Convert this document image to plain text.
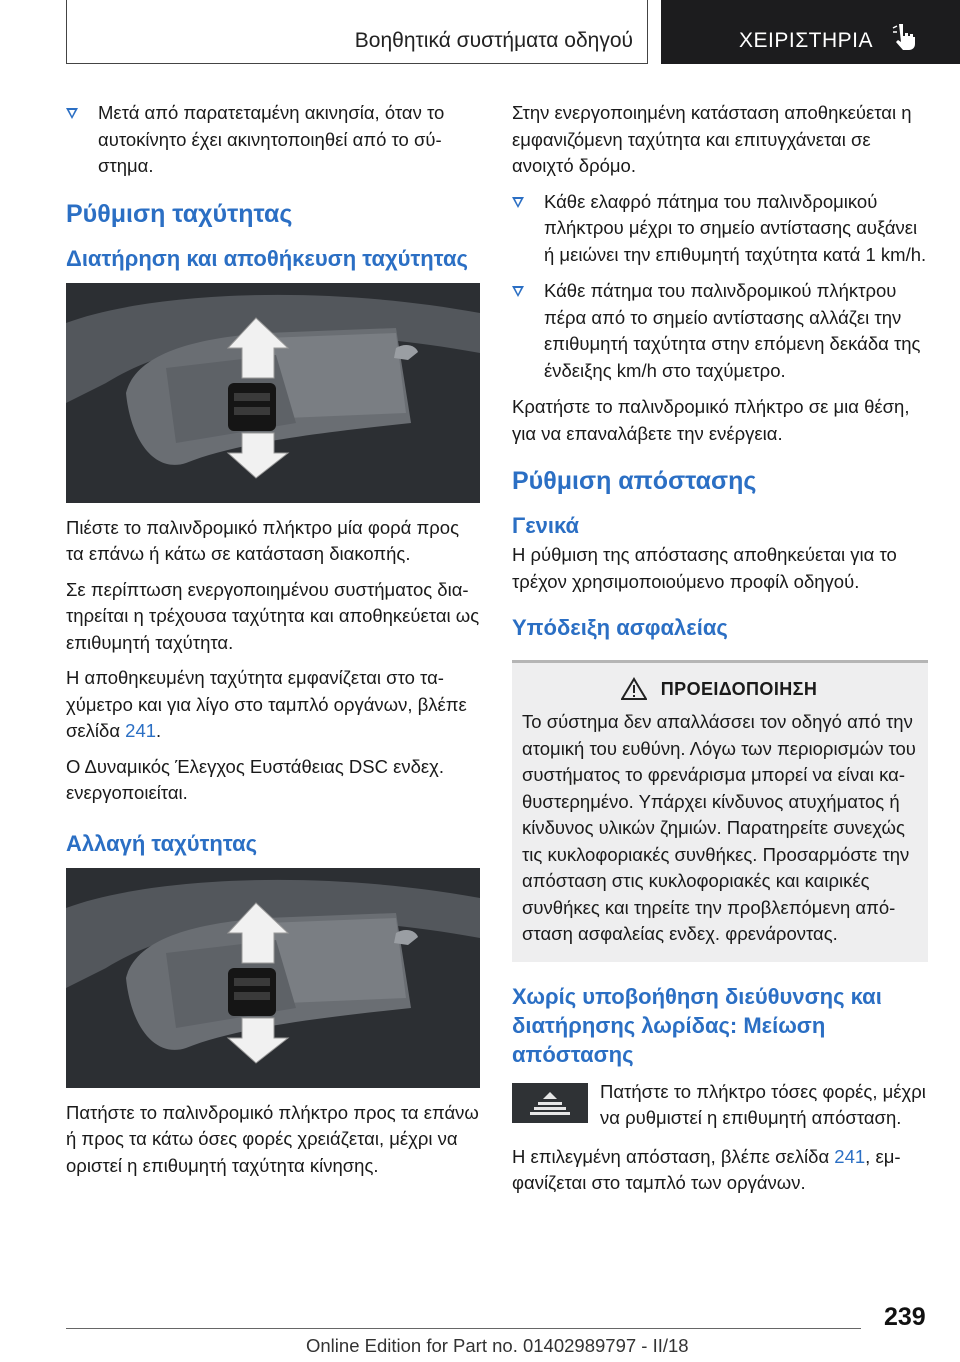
Βοηθητικά συστήματα οδηγού	ΧΕΙΡΙΣΤΗΡΙΑ
Μετά από παρατεταμένη ακινησία, όταν το αυτοκίνητο έχει ακινητοποιηθεί από το σύ-στημα.
Ρύθμιση ταχύτητας
Διατήρηση και αποθήκευση ταχύτητας

Πιέστε το παλινδρομικό πλήκτρο μία φορά προς τα επάνω ή κάτω σε κατάσταση διακοπής.

Σε περίπτωση ενεργοποιημένου συστήματος δια-τηρείται η τρέχουσα ταχύτητα και αποθηκεύεται ως επιθυμητή ταχύτητα.

Η αποθηκευμένη ταχύτητα εμφανίζεται στο τα-χύμετρο και για λίγο στο ταμπλό οργάνων, βλέπε σελίδα 241.

Ο Δυναμικός Έλεγχος Ευστάθειας DSC ενδεχ. ενεργοποιείται.

Αλλαγή ταχύτητας

Πατήστε το παλινδρομικό πλήκτρο προς τα επάνω ή προς τα κάτω όσες φορές χρειάζεται, μέχρι να οριστεί η επιθυμητή ταχύτητα κίνησης.

Στην ενεργοποιημένη κατάσταση αποθηκεύεται η εμφανιζόμενη ταχύτητα και επιτυγχάνεται σε ανοιχτό δρόμο.

Κάθε ελαφρό πάτημα του παλινδρομικού πλήκτρου μέχρι το σημείο αντίστασης αυξάνει ή μειώνει την επιθυμητή ταχύτητα κατά 1 km/h.
Κάθε πάτημα του παλινδρομικού πλήκτρου πέρα από το σημείο αντίστασης αλλάζει την επιθυμητή ταχύτητα στην επόμενη δεκάδα της ένδειξης km/h στο ταχύμετρο.

Κρατήστε το παλινδρομικό πλήκτρο σε μια θέση, για να επαναλάβετε την ενέργεια.

Ρύθμιση απόστασης
Γενικά

Η ρύθμιση της απόστασης αποθηκεύεται για το τρέχον χρησιμοποιούμενο προφίλ οδηγού.

Υπόδειξη ασφαλείας
ΠΡΟΕΙΔΟΠΟΙΗΣΗ

Το σύστημα δεν απαλλάσσει τον οδηγό από την ατομική του ευθύνη. Λόγω των περιορισμών του συστήματος το φρενάρισμα μπορεί να είναι κα-θυστερημένο. Υπάρχει κίνδυνος ατυχήματος ή κίνδυνος υλικών ζημιών. Παρατηρείτε συνεχώς τις κυκλοφοριακές συνθήκες. Προσαρμόστε την απόσταση στις κυκλοφοριακές και καιρικές συνθήκες και τηρείτε την προβλεπόμενη από-σταση ασφαλείας ενδεχ. φρενάροντας.

Χωρίς υποβοήθηση διεύθυνσης και διατήρησης λωρίδας: Μείωση απόστασης

Πατήστε το πλήκτρο τόσες φορές, μέχρι να ρυθμιστεί η επιθυμητή απόσταση.

Η επιλεγμένη απόσταση, βλέπε σελίδα 241, εμ-φανίζεται στο ταμπλό των οργάνων.

239
Online Edition for Part no. 01402989797 - II/18
